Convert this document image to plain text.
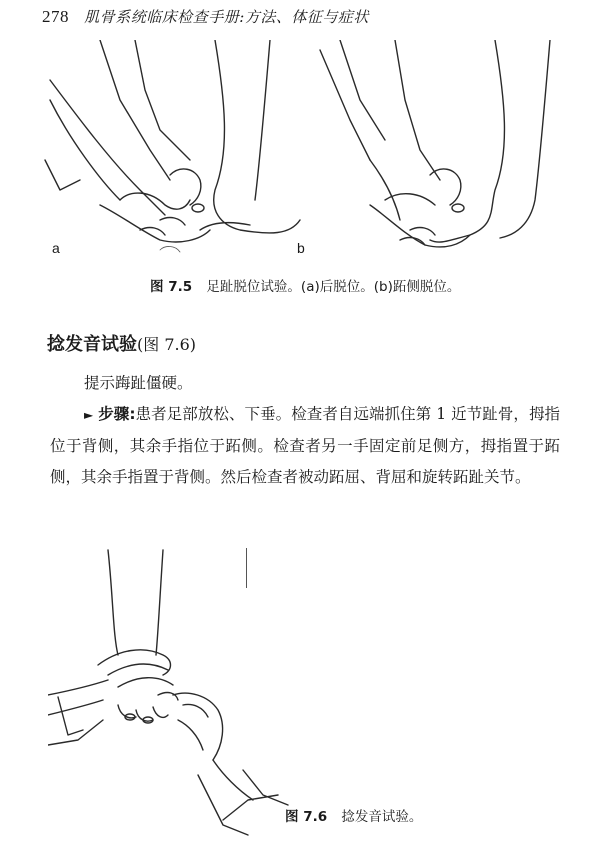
278 肌骨系统临床检查手册:方法、体征与症状
a	b
图 7.5 足趾脱位试验。(a)后脱位。(b)跖侧脱位。
捻发音试验(图 7.6)
提示踇趾僵硬。
► 步骤:患者足部放松、下垂。检查者自远端抓住第 1 近节趾骨，拇指位于背侧，其余手指位于跖侧。检查者另一手固定前足侧方，拇指置于跖侧，其余手指置于背侧。然后检查者被动跖屈、背屈和旋转跖趾关节。
图 7.6 捻发音试验。
